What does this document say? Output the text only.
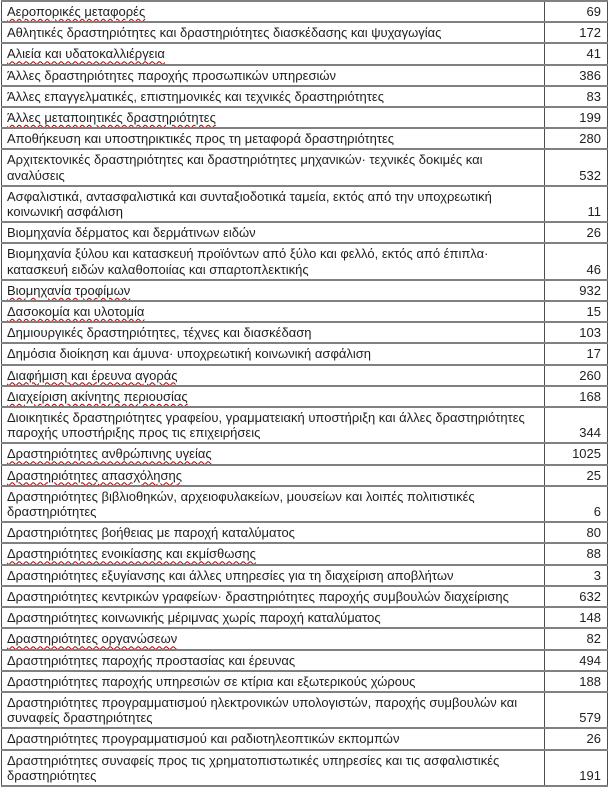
Αεροπορικές μεταφορές	69
Αθλητικές δραστηριότητες και δραστηριότητες διασκέδασης και ψυχαγωγίας	172
Αλιεία και υδατοκαλλιέργεια	41
Άλλες δραστηριότητες παροχής προσωπικών υπηρεσιών	386
Άλλες επαγγελματικές, επιστημονικές και τεχνικές δραστηριότητες	83
Άλλες μεταποιητικές δραστηριότητες	199
Αποθήκευση και υποστηρικτικές προς τη μεταφορά δραστηριότητες	280
Αρχιτεκτονικές δραστηριότητες και δραστηριότητες μηχανικών· τεχνικές δοκιμές και αναλύσεις	532
Ασφαλιστικά, αντασφαλιστικά και συνταξιοδοτικά ταμεία, εκτός από την υποχρεωτική κοινωνική ασφάλιση	11
Βιομηχανία δέρματος και δερμάτινων ειδών	26
Βιομηχανία ξύλου και κατασκευή προϊόντων από ξύλο και φελλό, εκτός από έπιπλα· κατασκευή ειδών καλαθοποιίας και σπαρτοπλεκτικής	46
Βιομηχανία τροφίμων	932
Δασοκομία και υλοτομία	15
Δημιουργικές δραστηριότητες, τέχνες και διασκέδαση	103
Δημόσια διοίκηση και άμυνα· υποχρεωτική κοινωνική ασφάλιση	17
Διαφήμιση και έρευνα αγοράς	260
Διαχείριση ακίνητης περιουσίας	168
Διοικητικές δραστηριότητες γραφείου, γραμματειακή υποστήριξη και άλλες δραστηριότητες παροχής υποστήριξης προς τις επιχειρήσεις	344
Δραστηριότητες ανθρώπινης υγείας	1025
Δραστηριότητες απασχόλησης	25
Δραστηριότητες βιβλιοθηκών, αρχειοφυλακείων, μουσείων και λοιπές πολιτιστικές δραστηριότητες	6
Δραστηριότητες βοήθειας με παροχή καταλύματος	80
Δραστηριότητες ενοικίασης και εκμίσθωσης	88
Δραστηριότητες εξυγίανσης και άλλες υπηρεσίες για τη διαχείριση αποβλήτων	3
Δραστηριότητες κεντρικών γραφείων· δραστηριότητες παροχής συμβουλών διαχείρισης	632
Δραστηριότητες κοινωνικής μέριμνας χωρίς παροχή καταλύματος	148
Δραστηριότητες οργανώσεων	82
Δραστηριότητες παροχής προστασίας και έρευνας	494
Δραστηριότητες παροχής υπηρεσιών σε κτίρια και εξωτερικούς χώρους	188
Δραστηριότητες προγραμματισμού ηλεκτρονικών υπολογιστών, παροχής συμβουλών και συναφείς δραστηριότητες	579
Δραστηριότητες προγραμματισμού και ραδιοτηλεοπτικών εκπομπών	26
Δραστηριότητες συναφείς προς τις χρηματοπιστωτικές υπηρεσίες και τις ασφαλιστικές δραστηριότητες	191
